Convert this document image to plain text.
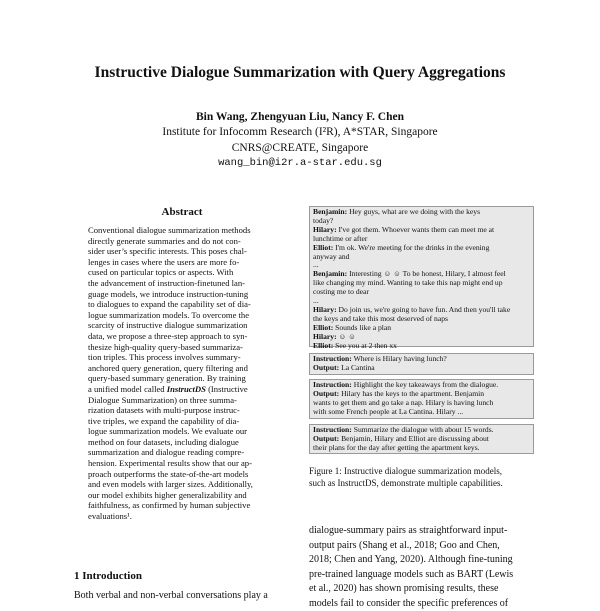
Instructive Dialogue Summarization with Query Aggregations
Bin Wang, Zhengyuan Liu, Nancy F. Chen
Institute for Infocomm Research (I²R), A*STAR, Singapore
CNRS@CREATE, Singapore
wang_bin@i2r.a-star.edu.sg
Abstract
Conventional dialogue summarization methods
directly generate summaries and do not con-
sider user’s specific interests. This poses chal-
lenges in cases where the users are more fo-
cused on particular topics or aspects. With
the advancement of instruction-finetuned lan-
guage models, we introduce instruction-tuning
to dialogues to expand the capability set of dia-
logue summarization models. To overcome the
scarcity of instructive dialogue summarization
data, we propose a three-step approach to syn-
thesize high-quality query-based summariza-
tion triples. This process involves summary-
anchored query generation, query filtering and
query-based summary generation. By training
a unified model called InstructDS (Instructive
Dialogue Summarization) on three summa-
rization datasets with multi-purpose instruc-
tive triples, we expand the capability of dia-
logue summarization models. We evaluate our
method on four datasets, including dialogue
summarization and dialogue reading compre-
hension. Experimental results show that our ap-
proach outperforms the state-of-the-art models
and even models with larger sizes. Additionally,
our model exhibits higher generalizability and
faithfulness, as confirmed by human subjective
evaluations¹.
1 Introduction
Both verbal and non-verbal conversations play a
Benjamin: Hey guys, what are we doing with the keys
today?
Hilary: I've got them. Whoever wants them can meet me at
lunchtime or after
Elliot: I'm ok. We're meeting for the drinks in the evening
anyway and
...
Benjamin: Interesting ☺ ☺ To be honest, Hilary, I almost feel
like changing my mind. Wanting to take this nap might end up
costing me to dear
...
Hilary: Do join us, we're going to have fun. And then you'll take
the keys and take this most deserved of naps
Elliot: Sounds like a plan
Hilary: ☺ ☺
Elliot: See you at 2 then xx
Instruction: Where is Hilary having lunch?
Output: La Cantina
Instruction: Highlight the key takeaways from the dialogue.
Output: Hilary has the keys to the apartment. Benjamin
wants to get them and go take a nap. Hilary is having lunch
with some French people at La Cantina. Hilary ...
Instruction: Summarize the dialogue with about 15 words.
Output: Benjamin, Hilary and Elliot are discussing about
their plans for the day after getting the apartment keys.
Figure 1: Instructive dialogue summarization models,
such as InstructDS, demonstrate multiple capabilities.
dialogue-summary pairs as straightforward input-
output pairs (Shang et al., 2018; Goo and Chen,
2018; Chen and Yang, 2020). Although fine-tuning
pre-trained language models such as BART (Lewis
et al., 2020) has shown promising results, these
models fail to consider the specific preferences of
